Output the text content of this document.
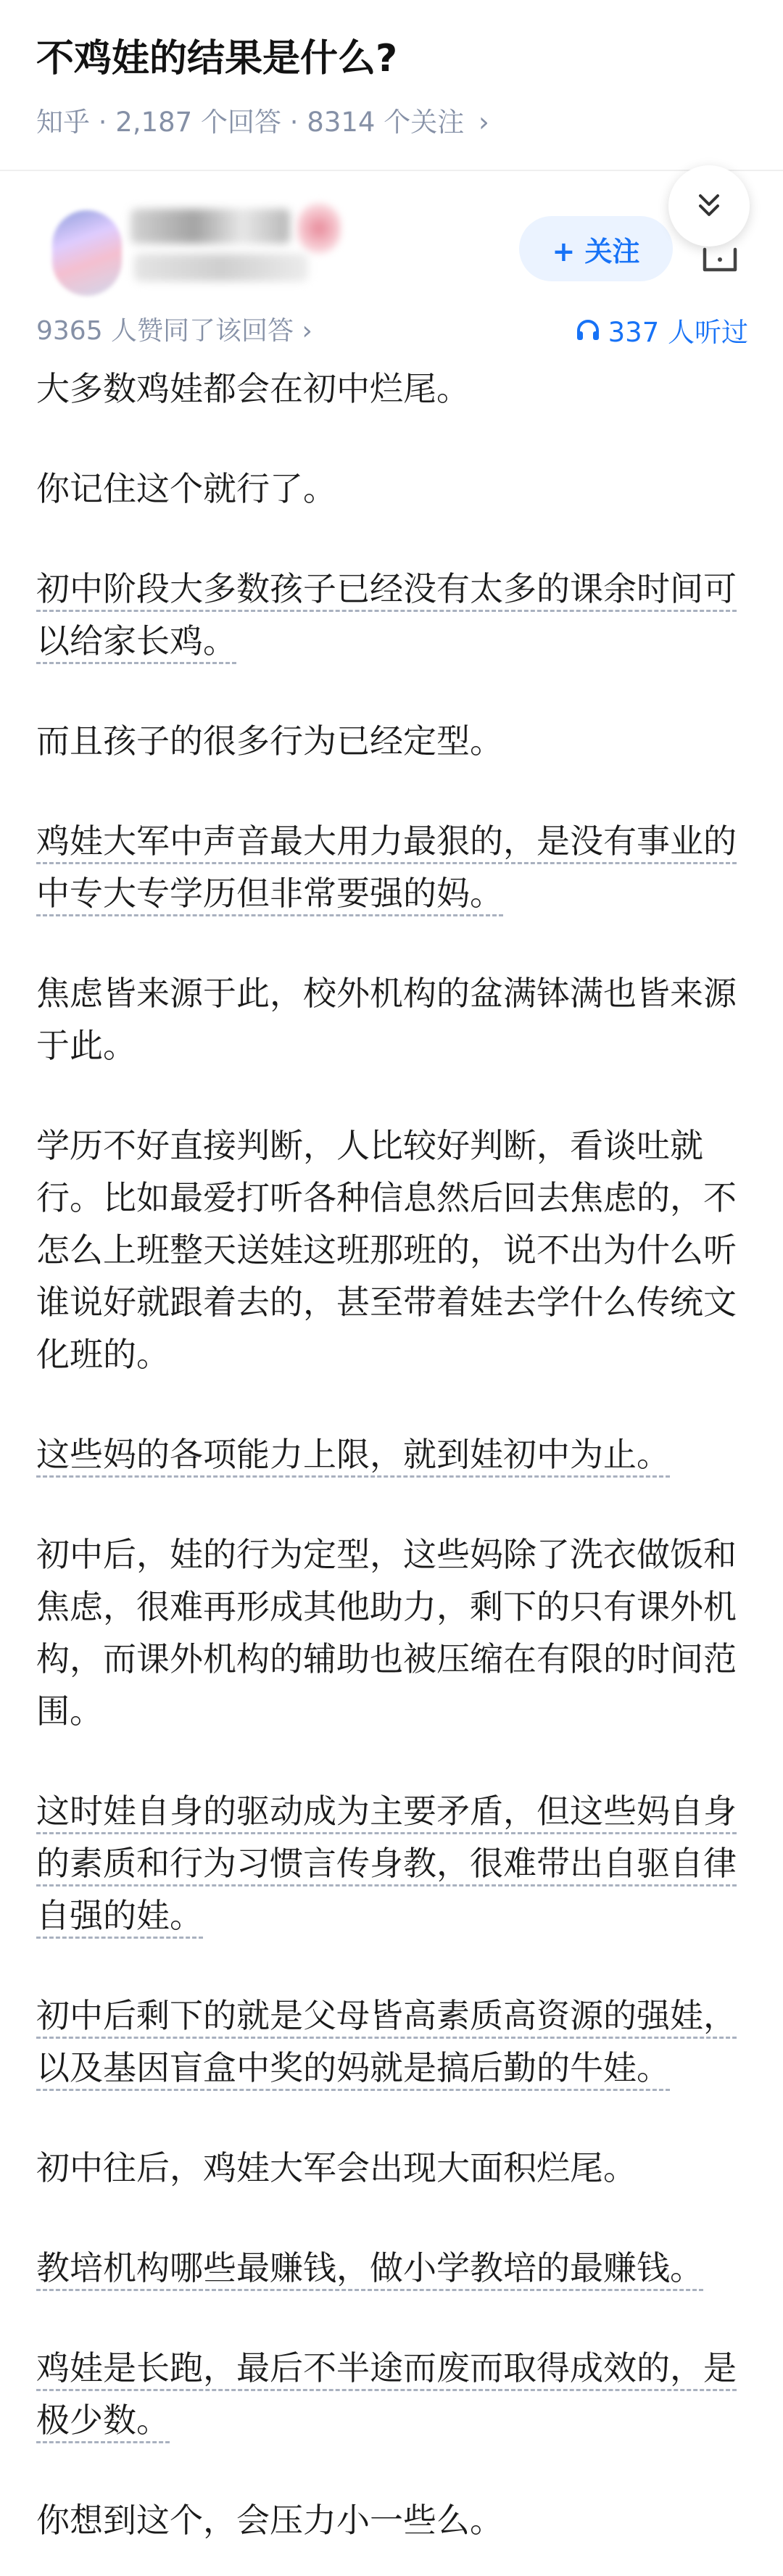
不鸡娃的结果是什么?
知乎 · 2,187 个回答 · 8314 个关注 ›
+ 关注
9365 人赞同了该回答 ›	337 人听过

大多数鸡娃都会在初中烂尾。

你记住这个就行了。

初中阶段大多数孩子已经没有太多的课余时间可以给家长鸡。

而且孩子的很多行为已经定型。

鸡娃大军中声音最大用力最狠的，是没有事业的中专大专学历但非常要强的妈。

焦虑皆来源于此，校外机构的盆满钵满也皆来源于此。

学历不好直接判断，人比较好判断，看谈吐就行。比如最爱打听各种信息然后回去焦虑的，不怎么上班整天送娃这班那班的，说不出为什么听谁说好就跟着去的，甚至带着娃去学什么传统文化班的。

这些妈的各项能力上限，就到娃初中为止。

初中后，娃的行为定型，这些妈除了洗衣做饭和焦虑，很难再形成其他助力，剩下的只有课外机构，而课外机构的辅助也被压缩在有限的时间范围。

这时娃自身的驱动成为主要矛盾，但这些妈自身的素质和行为习惯言传身教，很难带出自驱自律自强的娃。

初中后剩下的就是父母皆高素质高资源的强娃，以及基因盲盒中奖的妈就是搞后勤的牛娃。

初中往后，鸡娃大军会出现大面积烂尾。

教培机构哪些最赚钱，做小学教培的最赚钱。

鸡娃是长跑，最后不半途而废而取得成效的，是极少数。

你想到这个，会压力小一些么。
